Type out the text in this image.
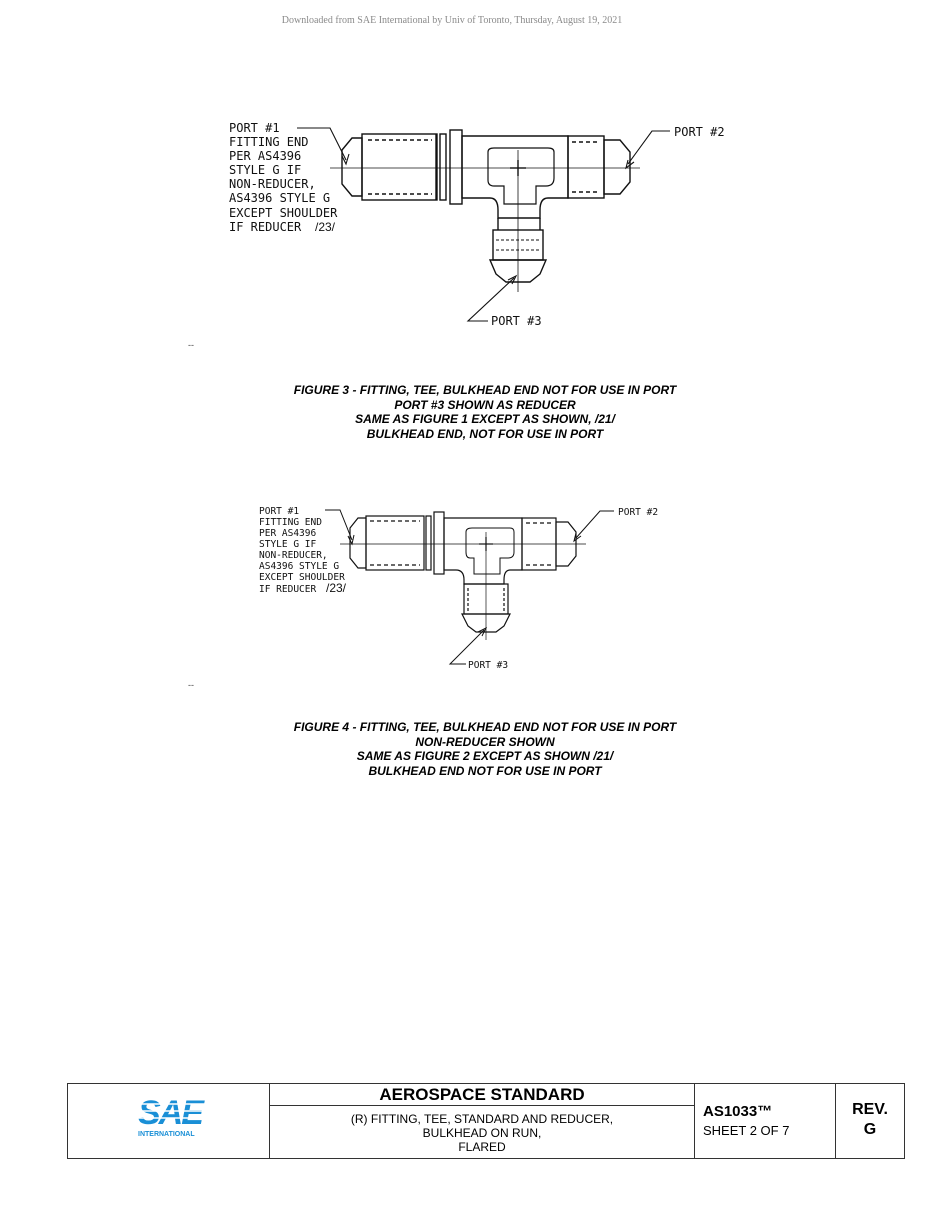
Downloaded from SAE International by Univ of Toronto, Thursday, August 19, 2021
PORT #1
FITTING END
PER AS4396
STYLE G IF
NON-REDUCER,
AS4396 STYLE G
EXCEPT SHOULDER
IF REDUCER /23/
PORT #2
PORT #3
PORT #1
FITTING END
PER AS4396
STYLE G IF
NON-REDUCER,
AS4396 STYLE G
EXCEPT SHOULDER
IF REDUCER /23/
PORT #2
PORT #3
--
FIGURE 3 - FITTING, TEE, BULKHEAD END NOT FOR USE IN PORT
PORT #3 SHOWN AS REDUCER
SAME AS FIGURE 1 EXCEPT AS SHOWN, /21/
BULKHEAD END, NOT FOR USE IN PORT
--
FIGURE 4 - FITTING, TEE, BULKHEAD END NOT FOR USE IN PORT
NON-REDUCER SHOWN
SAME AS FIGURE 2 EXCEPT AS SHOWN /21/
BULKHEAD END NOT FOR USE IN PORT
SAE
INTERNATIONAL
AEROSPACE STANDARD
(R) FITTING, TEE, STANDARD AND REDUCER,
BULKHEAD ON RUN,
FLARED
AS1033™
SHEET 2 OF 7
REV.
G
